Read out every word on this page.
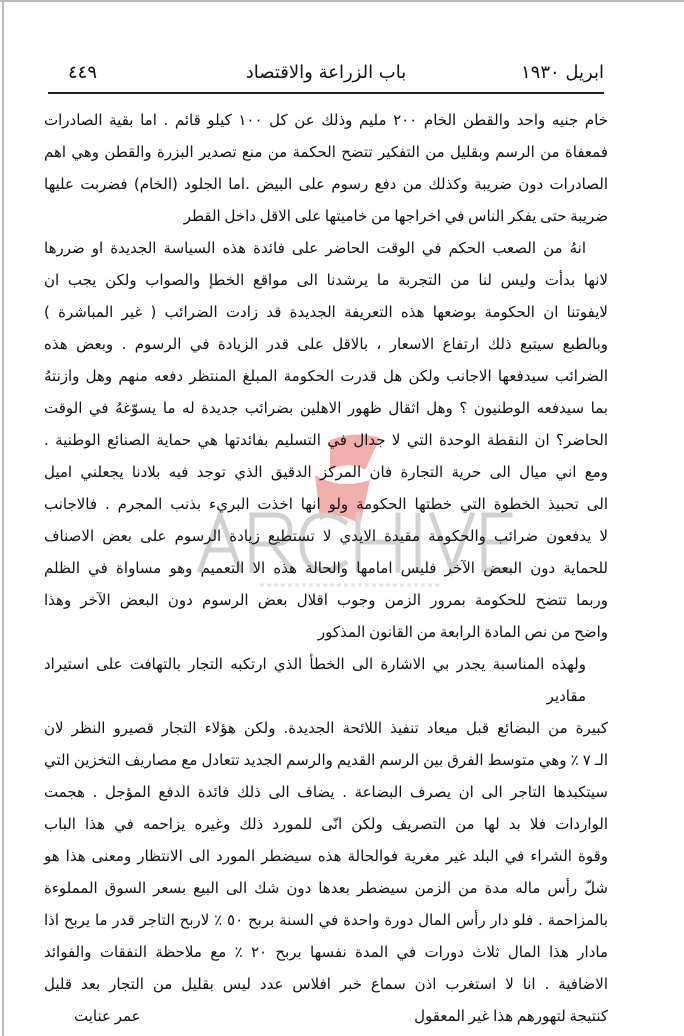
ابريل ١٩٣٠
باب الزراعة والاقتصاد
٤٤٩
خام جنيه واحد والقطن الخام ٢٠٠ مليم وذلك عن كل ١٠٠ كيلو قائم . اما بقية الصادرات
فمعفاة من الرسم وبقليل من التفكير تتضح الحكمة من منع تصدير البزرة والقطن وهي اهم
الصادرات دون ضريبة وكذلك من دفع رسوم على البيض .اما الجلود (الخام) فضربت عليها
ضريبة حتى يفكر الناس في اخراجها من خاميتها على الاقل داخل القطر
انهُ من الصعب الحكم في الوقت الحاضر على فائدة هذه السياسة الجديدة او ضررها
لانها بدأت وليس لنا من التجربة ما يرشدنا الى مواقع الخطإ والصواب ولكن يجب ان
لايفوتنا ان الحكومة بوضعها هذه التعريفة الجديدة قد زادت الضرائب ( غير المباشرة )
وبالطبع سيتبع ذلك ارتفاع الاسعار ، بالاقل على قدر الزيادة في الرسوم . وبعض هذه
الضرائب سيدفعها الاجانب ولكن هل قدرت الحكومة المبلغ المنتظر دفعه منهم وهل وازنتهُ
بما سيدفعه الوطنيون ؟ وهل اثقال ظهور الاهلين بضرائب جديدة له ما يسوّغهُ في الوقت
الحاضر؟ ان النقطة الوحدة التي لا جدال في التسليم بفائدتها هي حماية الصنائع الوطنية .
ومع اني ميال الى حرية التجارة فان المركز الدقيق الذي توجد فيه بلادنا يجعلني اميل
الى تحبيذ الخطوة التي خطتها الحكومة ولو انها اخذت البريء بذنب المجرم . فالاجانب
لا يدفعون ضرائب والحكومة مقيدة الايدي لا تستطيع زيادة الرسوم على بعض الاصناف
للحماية دون البعض الآخر فليس امامها والحالة هذه الا التعميم وهو مساواة في الظلم
وربما تتضح للحكومة بمرور الزمن وجوب اقلال بعض الرسوم دون البعض الآخر وهذا
واضح من نص المادة الرابعة من القانون المذكور
ولهذه المناسبة يجدر بي الاشارة الى الخطأ الذي ارتكبه التجار بالتهافت على استيراد مقادير
كبيرة من البضائع قبل ميعاد تنفيذ اللائحة الجديدة. ولكن هؤلاء التجار قصيرو النظر لان
الـ ٧ ٪ وهي متوسط الفرق بين الرسم القديم والرسم الجديد تتعادل مع مصاريف التخزين التي
سيتكبدها التاجر الى ان يصرف البضاعة . يضاف الى ذلك فائدة الدفع المؤجل . هجمت
الواردات فلا بد لها من التصريف ولكن انّى للمورد ذلك وغيره يزاحمه في هذا الباب
وقوة الشراء في البلد غير مغرية فوالحالة هذه سيضطر المورد الى الانتظار ومعنى هذا هو
شلّ رأس ماله مدة من الزمن سيضطر بعدها دون شك الى البيع بسعر السوق المملوءة
بالمزاحمة . فلو دار رأس المال دورة واحدة في السنة بربح ٥٠ ٪ لاربح التاجر قدر ما يربح اذا
مادار هذا المال ثلاث دورات في المدة نفسها بربح ٢٠ ٪ مع ملاحظة النفقات والفوائد
الاضافية . انا لا استغرب اذن سماع خبر افلاس عدد ليس بقليل من التجار بعد قليل
كنتيجة لتهورهم هذا غير المعقول
عمر عنايت
